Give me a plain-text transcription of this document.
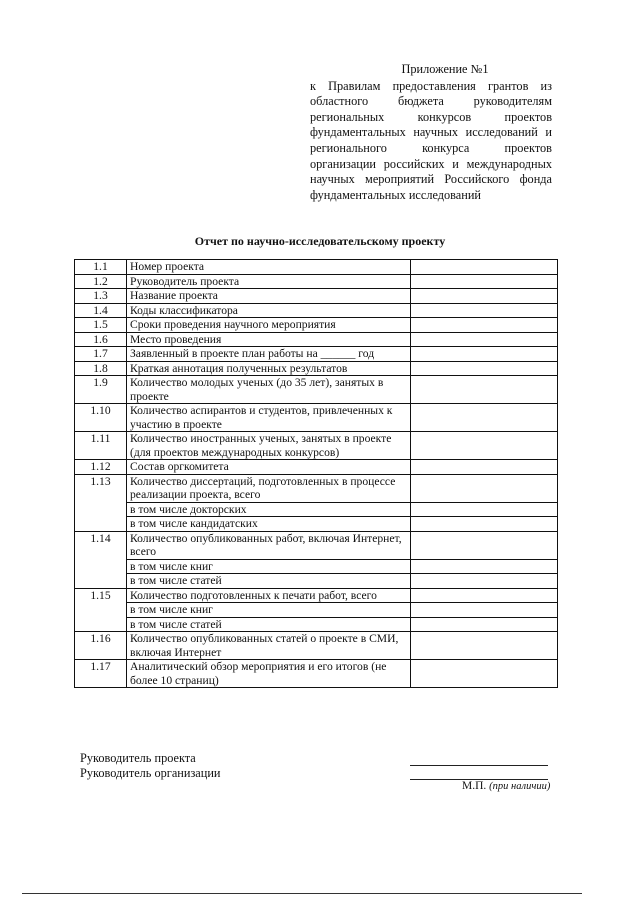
Приложение №1
к Правилам предоставления грантов из областного бюджета руководителям региональных конкурсов проектов фундаментальных научных исследований и регионального конкурса проектов организации российских и международных научных мероприятий Российского фонда фундаментальных исследований
Отчет по научно-исследовательскому проекту
1.1	Номер проекта	
1.2	Руководитель проекта	
1.3	Название проекта	
1.4	Коды классификатора	
1.5	Сроки проведения научного мероприятия	
1.6	Место проведения	
1.7	Заявленный в проекте план работы на ______ год	
1.8	Краткая аннотация полученных результатов	
1.9	Количество молодых ученых (до 35 лет), занятых в проекте	
1.10	Количество аспирантов и студентов, привлеченных к участию в проекте	
1.11	Количество иностранных ученых, занятых в проекте (для проектов международных конкурсов)	
1.12	Состав оргкомитета	
1.13	Количество диссертаций, подготовленных в процессе реализации проекта, всего	
	в том числе докторских	
	в том числе кандидатских	
1.14	Количество опубликованных работ, включая Интернет, всего	
	в том числе книг	
	в том числе статей	
1.15	Количество подготовленных к печати работ, всего	
	в том числе книг	
	в том числе статей	
1.16	Количество опубликованных статей о проекте в СМИ, включая Интернет	
1.17	Аналитический обзор мероприятия и его итогов (не более 10 страниц)	
Руководитель проекта
Руководитель организации
М.П. (при наличии)
